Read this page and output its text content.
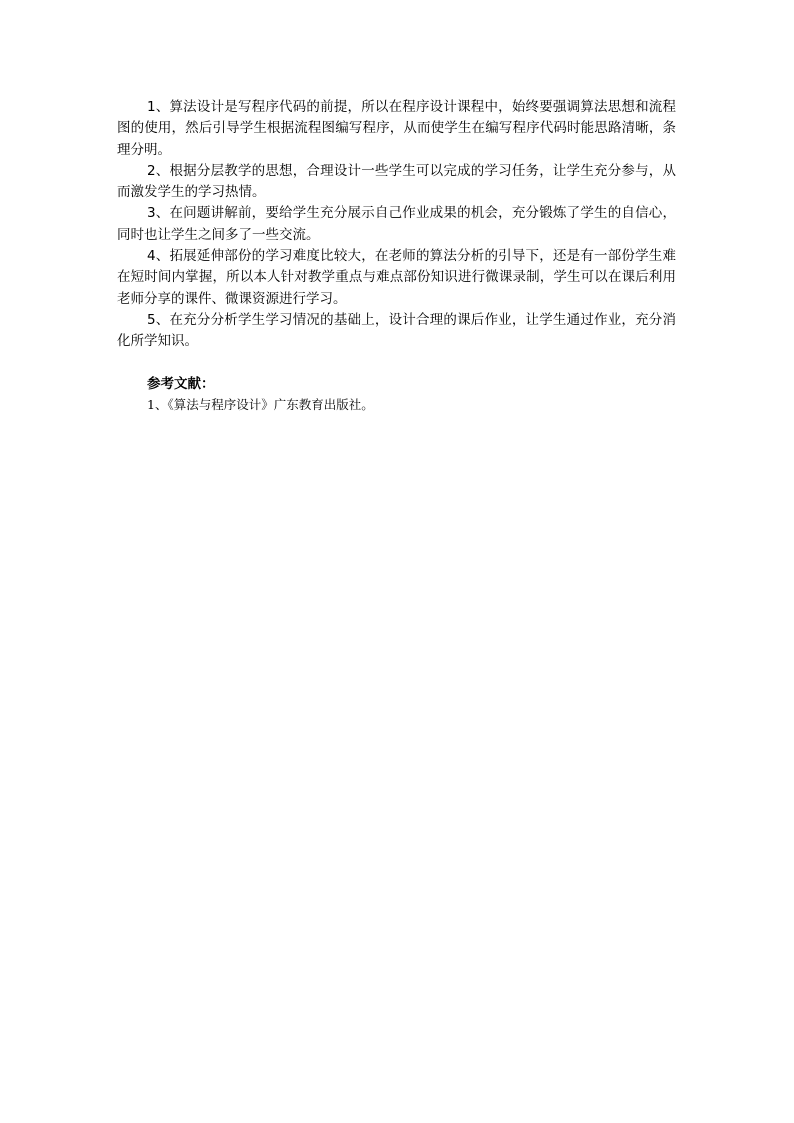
1、算法设计是写程序代码的前提，所以在程序设计课程中，始终要强调算法思想和流程图的使用，然后引导学生根据流程图编写程序，从而使学生在编写程序代码时能思路清晰，条理分明。

2、根据分层教学的思想，合理设计一些学生可以完成的学习任务，让学生充分参与，从而激发学生的学习热情。

3、在问题讲解前，要给学生充分展示自己作业成果的机会，充分锻炼了学生的自信心，同时也让学生之间多了一些交流。

4、拓展延伸部份的学习难度比较大，在老师的算法分析的引导下，还是有一部份学生难在短时间内掌握，所以本人针对教学重点与难点部份知识进行微课录制，学生可以在课后利用老师分享的课件、微课资源进行学习。

5、在充分分析学生学习情况的基础上，设计合理的课后作业，让学生通过作业，充分消化所学知识。

参考文献：

1、《算法与程序设计》广东教育出版社。
